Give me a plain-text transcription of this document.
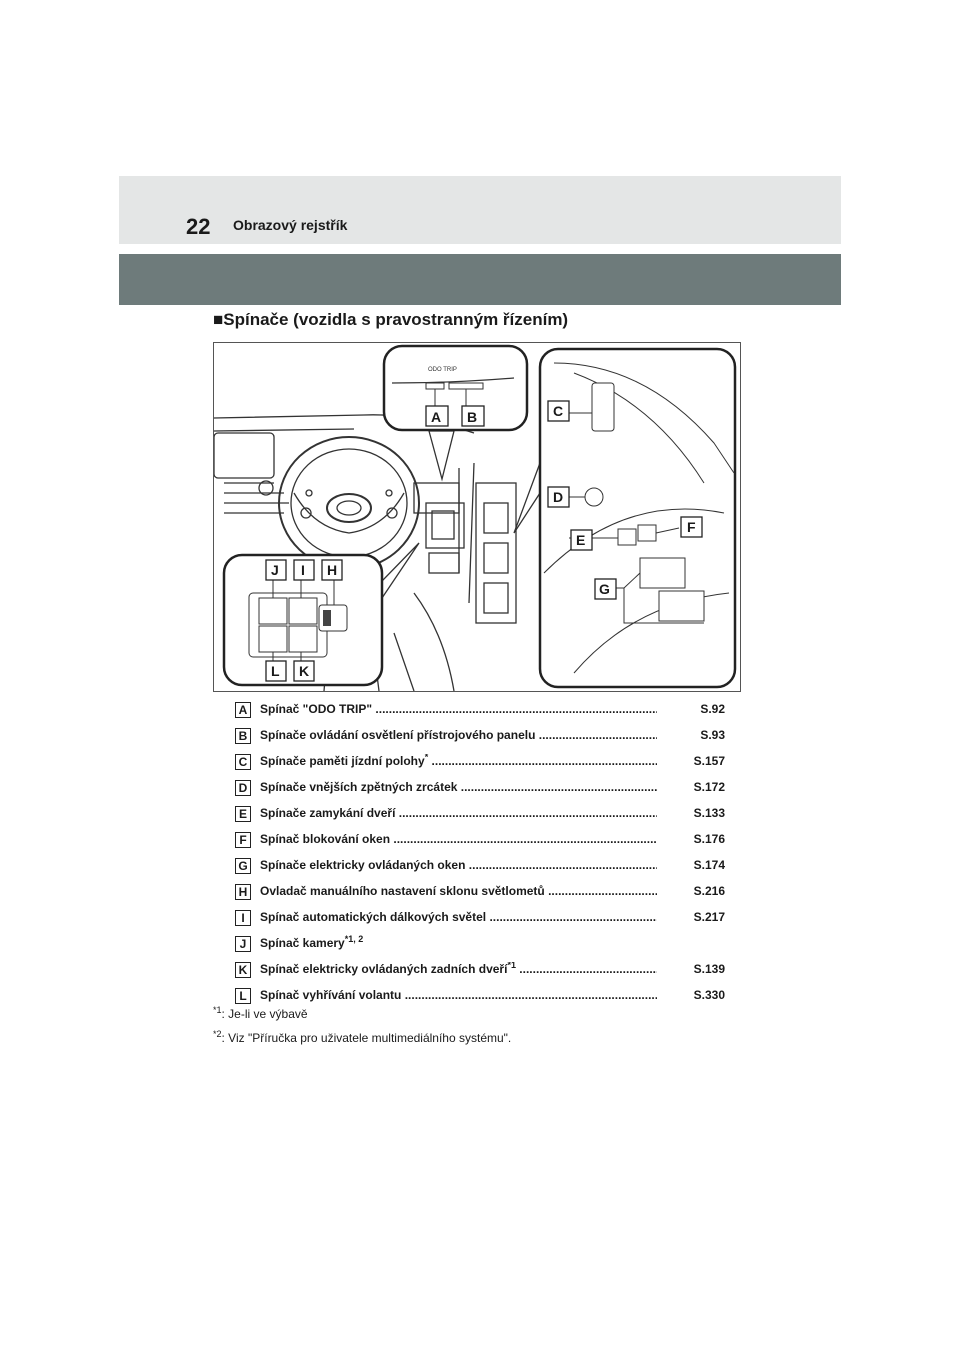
22 Obrazový rejstřík
■Spínače (vozidla s pravostranným řízením)
ODO TRIP
A B
J I H
L K
C
D
F
E
G
A	Spínač "ODO TRIP" .....	S.92
B	Spínače ovládání osvětlení přístrojového panelu .....	S.93
C	Spínače paměti jízdní polohy* .....	S.157
D	Spínače vnějších zpětných zrcátek .....	S.172
E	Spínače zamykání dveří .....	S.133
F	Spínač blokování oken .....	S.176
G Spínače elektricky ovládaných oken .....	S.174
H	Ovladač manuálního nastavení sklonu světlometů .....	S.216
I	Spínač automatických dálkových světel .....	S.217
J	Spínač kamery$^{*1, 2}$
K	Spínač elektricky ovládaných zadních dveří$^{*1}$ .....	S.139
L	Spínač vyhřívání volantu .....	S.330
$^{*1}$: Je-li ve výbavě
$^{*2}$: Viz "Příručka pro uživatele multimediálního systému".
